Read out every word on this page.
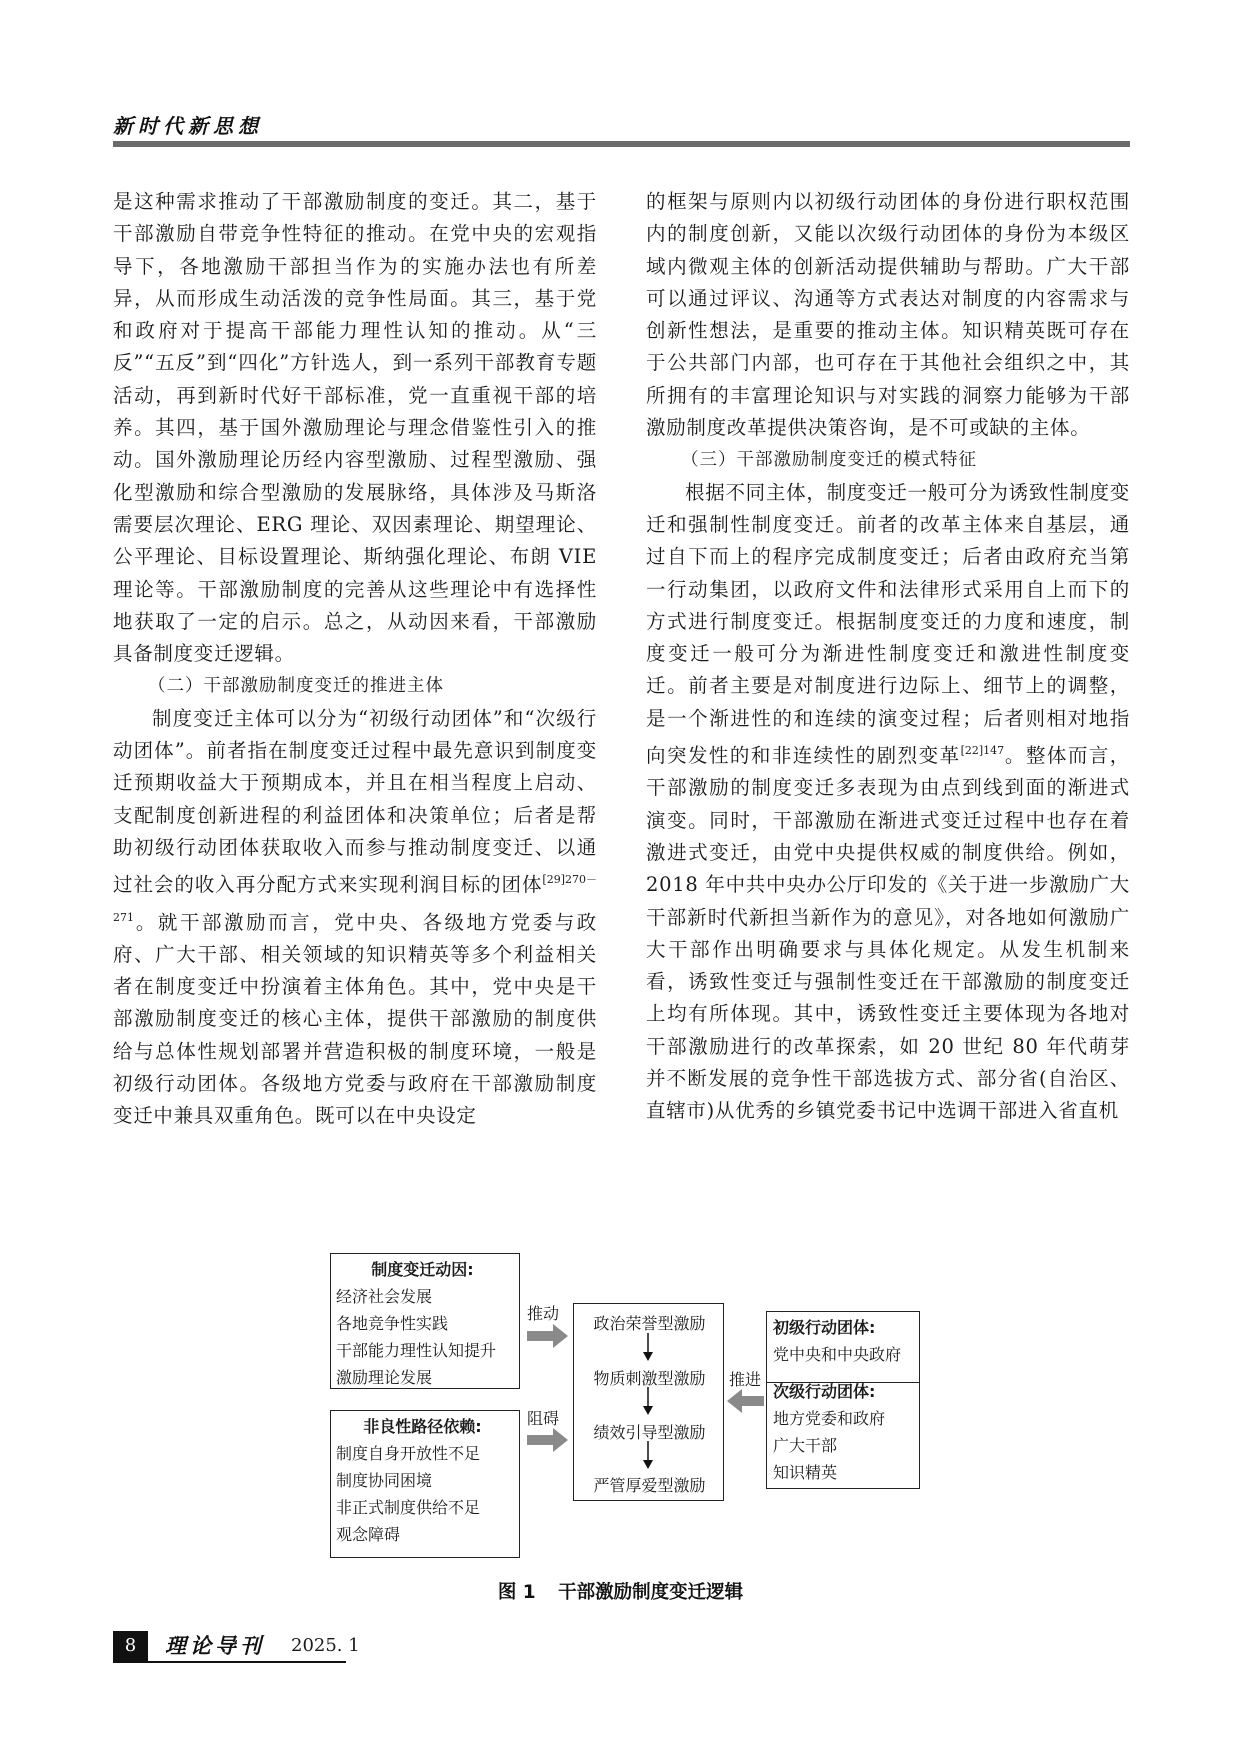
新时代新思想

是这种需求推动了干部激励制度的变迁。其二，基于干部激励自带竞争性特征的推动。在党中央的宏观指导下，各地激励干部担当作为的实施办法也有所差异，从而形成生动活泼的竞争性局面。其三，基于党和政府对于提高干部能力理性认知的推动。从“三反”“五反”到“四化”方针选人，到一系列干部教育专题活动，再到新时代好干部标准，党一直重视干部的培养。其四，基于国外激励理论与理念借鉴性引入的推动。国外激励理论历经内容型激励、过程型激励、强化型激励和综合型激励的发展脉络，具体涉及马斯洛需要层次理论、ERG 理论、双因素理论、期望理论、公平理论、目标设置理论、斯纳强化理论、布朗 VIE 理论等。干部激励制度的完善从这些理论中有选择性地获取了一定的启示。总之，从动因来看，干部激励具备制度变迁逻辑。

（二）干部激励制度变迁的推进主体

制度变迁主体可以分为“初级行动团体”和“次级行动团体”。前者指在制度变迁过程中最先意识到制度变迁预期收益大于预期成本，并且在相当程度上启动、支配制度创新进程的利益团体和决策单位；后者是帮助初级行动团体获取收入而参与推动制度变迁、以通过社会的收入再分配方式来实现利润目标的团体$^{[29]270-271}$。就干部激励而言，党中央、各级地方党委与政府、广大干部、相关领域的知识精英等多个利益相关者在制度变迁中扮演着主体角色。其中，党中央是干部激励制度变迁的核心主体，提供干部激励的制度供给与总体性规划部署并营造积极的制度环境，一般是初级行动团体。各级地方党委与政府在干部激励制度变迁中兼具双重角色。既可以在中央设定

的框架与原则内以初级行动团体的身份进行职权范围内的制度创新，又能以次级行动团体的身份为本级区域内微观主体的创新活动提供辅助与帮助。广大干部可以通过评议、沟通等方式表达对制度的内容需求与创新性想法，是重要的推动主体。知识精英既可存在于公共部门内部，也可存在于其他社会组织之中，其所拥有的丰富理论知识与对实践的洞察力能够为干部激励制度改革提供决策咨询，是不可或缺的主体。

（三）干部激励制度变迁的模式特征

根据不同主体，制度变迁一般可分为诱致性制度变迁和强制性制度变迁。前者的改革主体来自基层，通过自下而上的程序完成制度变迁；后者由政府充当第一行动集团，以政府文件和法律形式采用自上而下的方式进行制度变迁。根据制度变迁的力度和速度，制度变迁一般可分为渐进性制度变迁和激进性制度变迁。前者主要是对制度进行边际上、细节上的调整，是一个渐进性的和连续的演变过程；后者则相对地指向突发性的和非连续性的剧烈变革$^{[22]147}$。整体而言，干部激励的制度变迁多表现为由点到线到面的渐进式演变。同时，干部激励在渐进式变迁过程中也存在着激进式变迁，由党中央提供权威的制度供给。例如，2018 年中共中央办公厅印发的《关于进一步激励广大干部新时代新担当新作为的意见》，对各地如何激励广大干部作出明确要求与具体化规定。从发生机制来看，诱致性变迁与强制性变迁在干部激励的制度变迁上均有所体现。其中，诱致性变迁主要体现为各地对干部激励进行的改革探索，如 20 世纪 80 年代萌芽并不断发展的竞争性干部选拔方式、部分省(自治区、直辖市)从优秀的乡镇党委书记中选调干部进入省直机

制度变迁动因:
经济社会发展
各地竞争性实践
干部能力理性认知提升
激励理论发展
非良性路径依赖:
制度自身开放性不足
制度协同困境
非正式制度供给不足
观念障碍
政治荣誉型激励
物质刺激型激励
绩效引导型激励
严管厚爱型激励
初级行动团体:
党中央和中央政府
次级行动团体:
地方党委和政府
广大干部
知识精英
推动
阻碍
推进
图 1 干部激励制度变迁逻辑
8	理论导刊 2025. 1
